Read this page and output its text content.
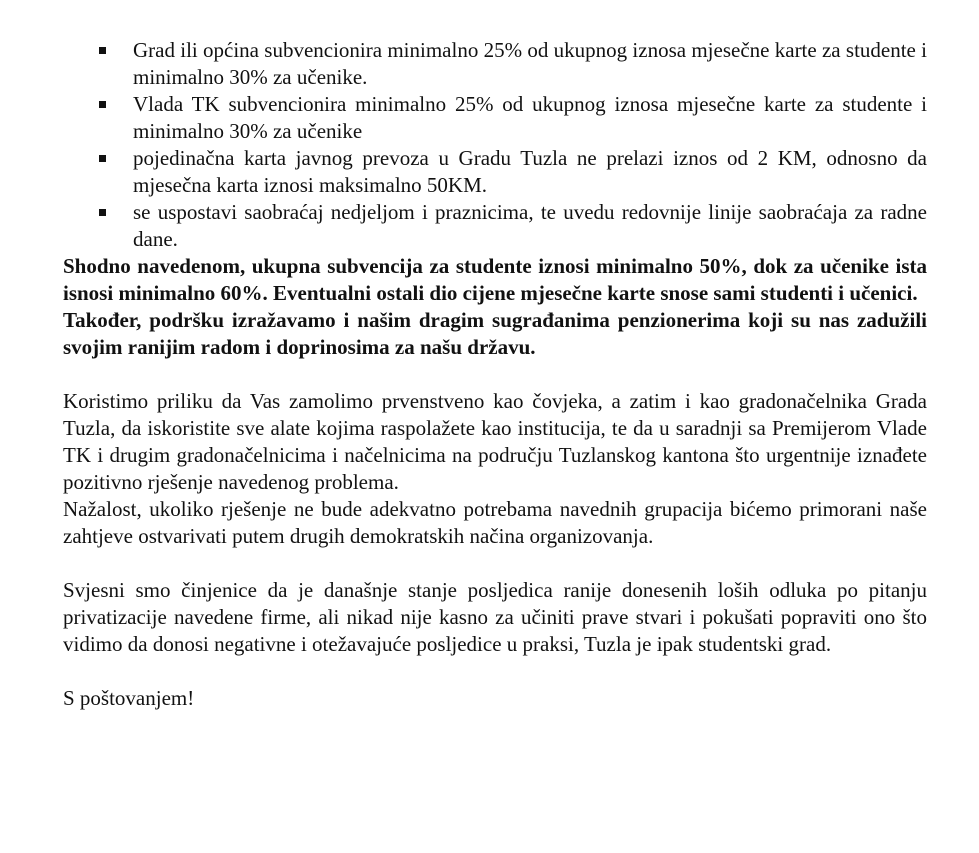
Grad ili općina subvencionira minimalno 25% od ukupnog iznosa mjesečne karte za studente i minimalno 30% za učenike.
Vlada TK subvencionira minimalno 25% od ukupnog iznosa mjesečne karte za studente i minimalno 30% za učenike
pojedinačna karta javnog prevoza u Gradu Tuzla ne prelazi iznos od 2 KM, odnosno da mjesečna karta iznosi maksimalno 50KM.
se uspostavi saobraćaj nedjeljom i praznicima, te uvedu redovnije linije saobraćaja za radne dane.

Shodno navedenom, ukupna subvencija za studente iznosi minimalno 50%, dok za učenike ista isnosi minimalno 60%. Eventualni ostali dio cijene mjesečne karte snose sami studenti i učenici.

Također, podršku izražavamo i našim dragim sugrađanima penzionerima koji su nas zadužili svojim ranijim radom i doprinosima za našu državu.

Koristimo priliku da Vas zamolimo prvenstveno kao čovjeka, a zatim i kao gradonačelnika Grada Tuzla, da iskoristite sve alate kojima raspolažete kao institucija, te da u saradnji sa Premijerom Vlade TK i drugim gradonačelnicima i načelnicima na području Tuzlanskog kantona što urgentnije iznađete pozitivno rješenje navedenog problema.

Nažalost, ukoliko rješenje ne bude adekvatno potrebama navednih grupacija bićemo primorani naše zahtjeve ostvarivati putem drugih demokratskih načina organizovanja.

Svjesni smo činjenice da je današnje stanje posljedica ranije donesenih loših odluka po pitanju privatizacije navedene firme, ali nikad nije kasno za učiniti prave stvari i pokušati popraviti ono što vidimo da donosi negativne i otežavajuće posljedice u praksi, Tuzla je ipak studentski grad.

S poštovanjem!
